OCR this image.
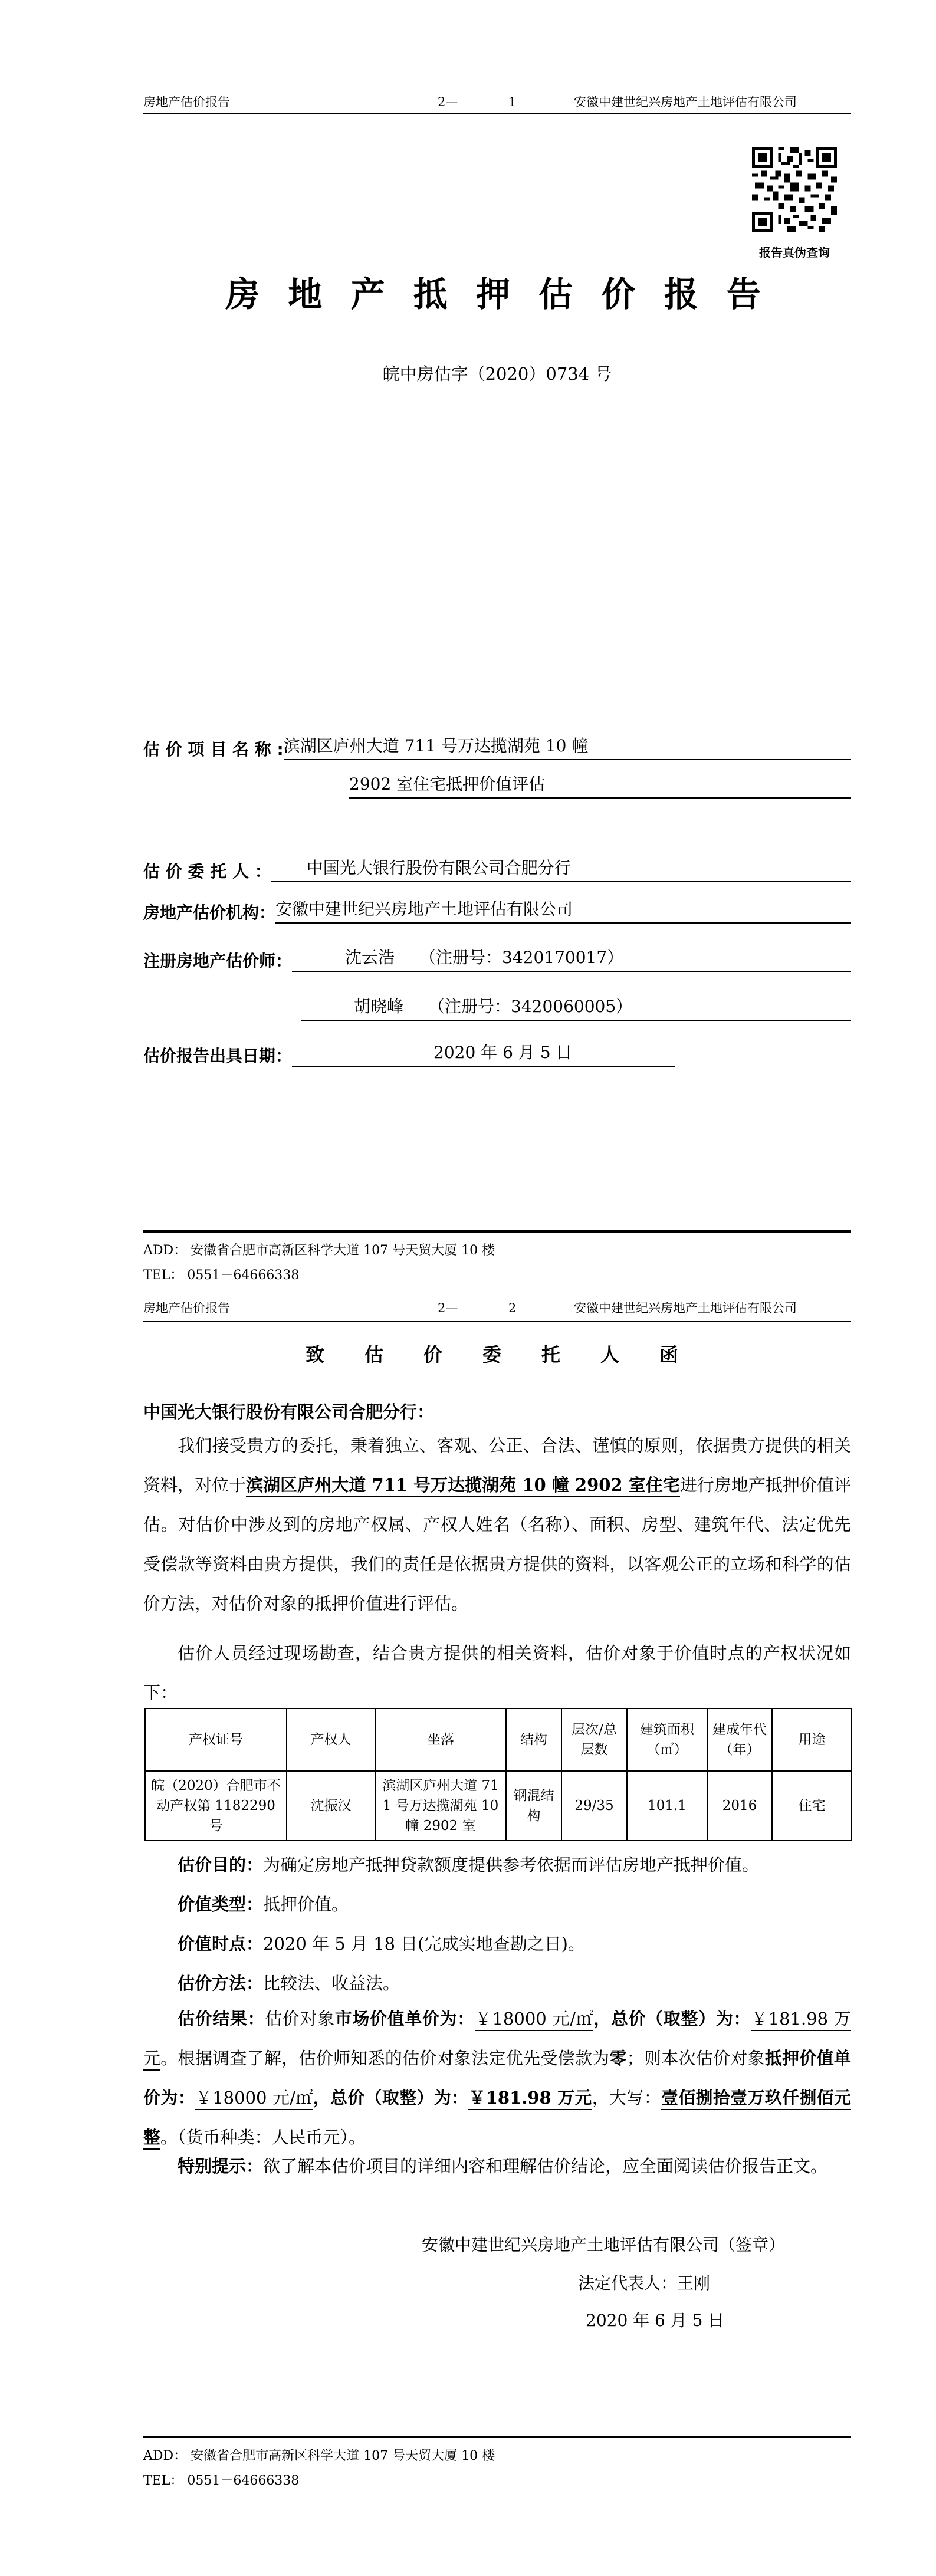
房地产估价报告	2—	1	安徽中建世纪兴房地产土地评估有限公司
报告真伪查询
房 地 产 抵 押 估 价 报 告
皖中房估字（2020）0734 号
估 价 项 目 名 称 : 滨湖区庐州大道 711 号万达揽湖苑 10 幢
2902 室住宅抵押价值评估
估 价 委 托 人 ：	中国光大银行股份有限公司合肥分行
房地产估价机构： 安徽中建世纪兴房地产土地评估有限公司
注册房地产估价师：	沈云浩　　（注册号：3420170017）
胡晓峰　　（注册号：3420060005）
估价报告出具日期：	2020 年 6 月 5 日
ADD： 安徽省合肥市高新区科学大道 107 号天贸大厦 10 楼
TEL： 0551－64666338
房地产估价报告	2—	2	安徽中建世纪兴房地产土地评估有限公司
致　估　价　委　托　人　函
中国光大银行股份有限公司合肥分行：
我们接受贵方的委托，秉着独立、客观、公正、合法、谨慎的原则，依据贵方提供的相关资料，对位于滨湖区庐州大道 711 号万达揽湖苑 10 幢 2902 室住宅进行房地产抵押价值评估。对估价中涉及到的房地产权属、产权人姓名（名称）、面积、房型、建筑年代、法定优先受偿款等资料由贵方提供，我们的责任是依据贵方提供的资料，以客观公正的立场和科学的估价方法，对估价对象的抵押价值进行评估。
估价人员经过现场勘查，结合贵方提供的相关资料，估价对象于价值时点的产权状况如下：
产权证号	产权人	坐落	结构	层次/总层数	建筑面积（㎡）	建成年代（年）	用途
皖（2020）合肥市不动产权第 1182290 号	沈振汉	滨湖区庐州大道 711 号万达揽湖苑 10 幢 2902 室	钢混结构	29/35	101.1	2016	住宅
估价目的：为确定房地产抵押贷款额度提供参考依据而评估房地产抵押价值。
价值类型：抵押价值。
价值时点：2020 年 5 月 18 日(完成实地查勘之日)。
估价方法：比较法、收益法。
估价结果：估价对象市场价值单价为：￥18000 元/㎡，总价（取整）为：￥181.98 万元。根据调查了解，估价师知悉的估价对象法定优先受偿款为零；则本次估价对象抵押价值单价为：￥18000 元/㎡，总价（取整）为：￥181.98 万元，大写：壹佰捌拾壹万玖仟捌佰元整。（货币种类：人民币元）。
特别提示：欲了解本估价项目的详细内容和理解估价结论，应全面阅读估价报告正文。
安徽中建世纪兴房地产土地评估有限公司（签章）
法定代表人：王刚
2020 年 6 月 5 日
ADD： 安徽省合肥市高新区科学大道 107 号天贸大厦 10 楼
TEL： 0551－64666338
